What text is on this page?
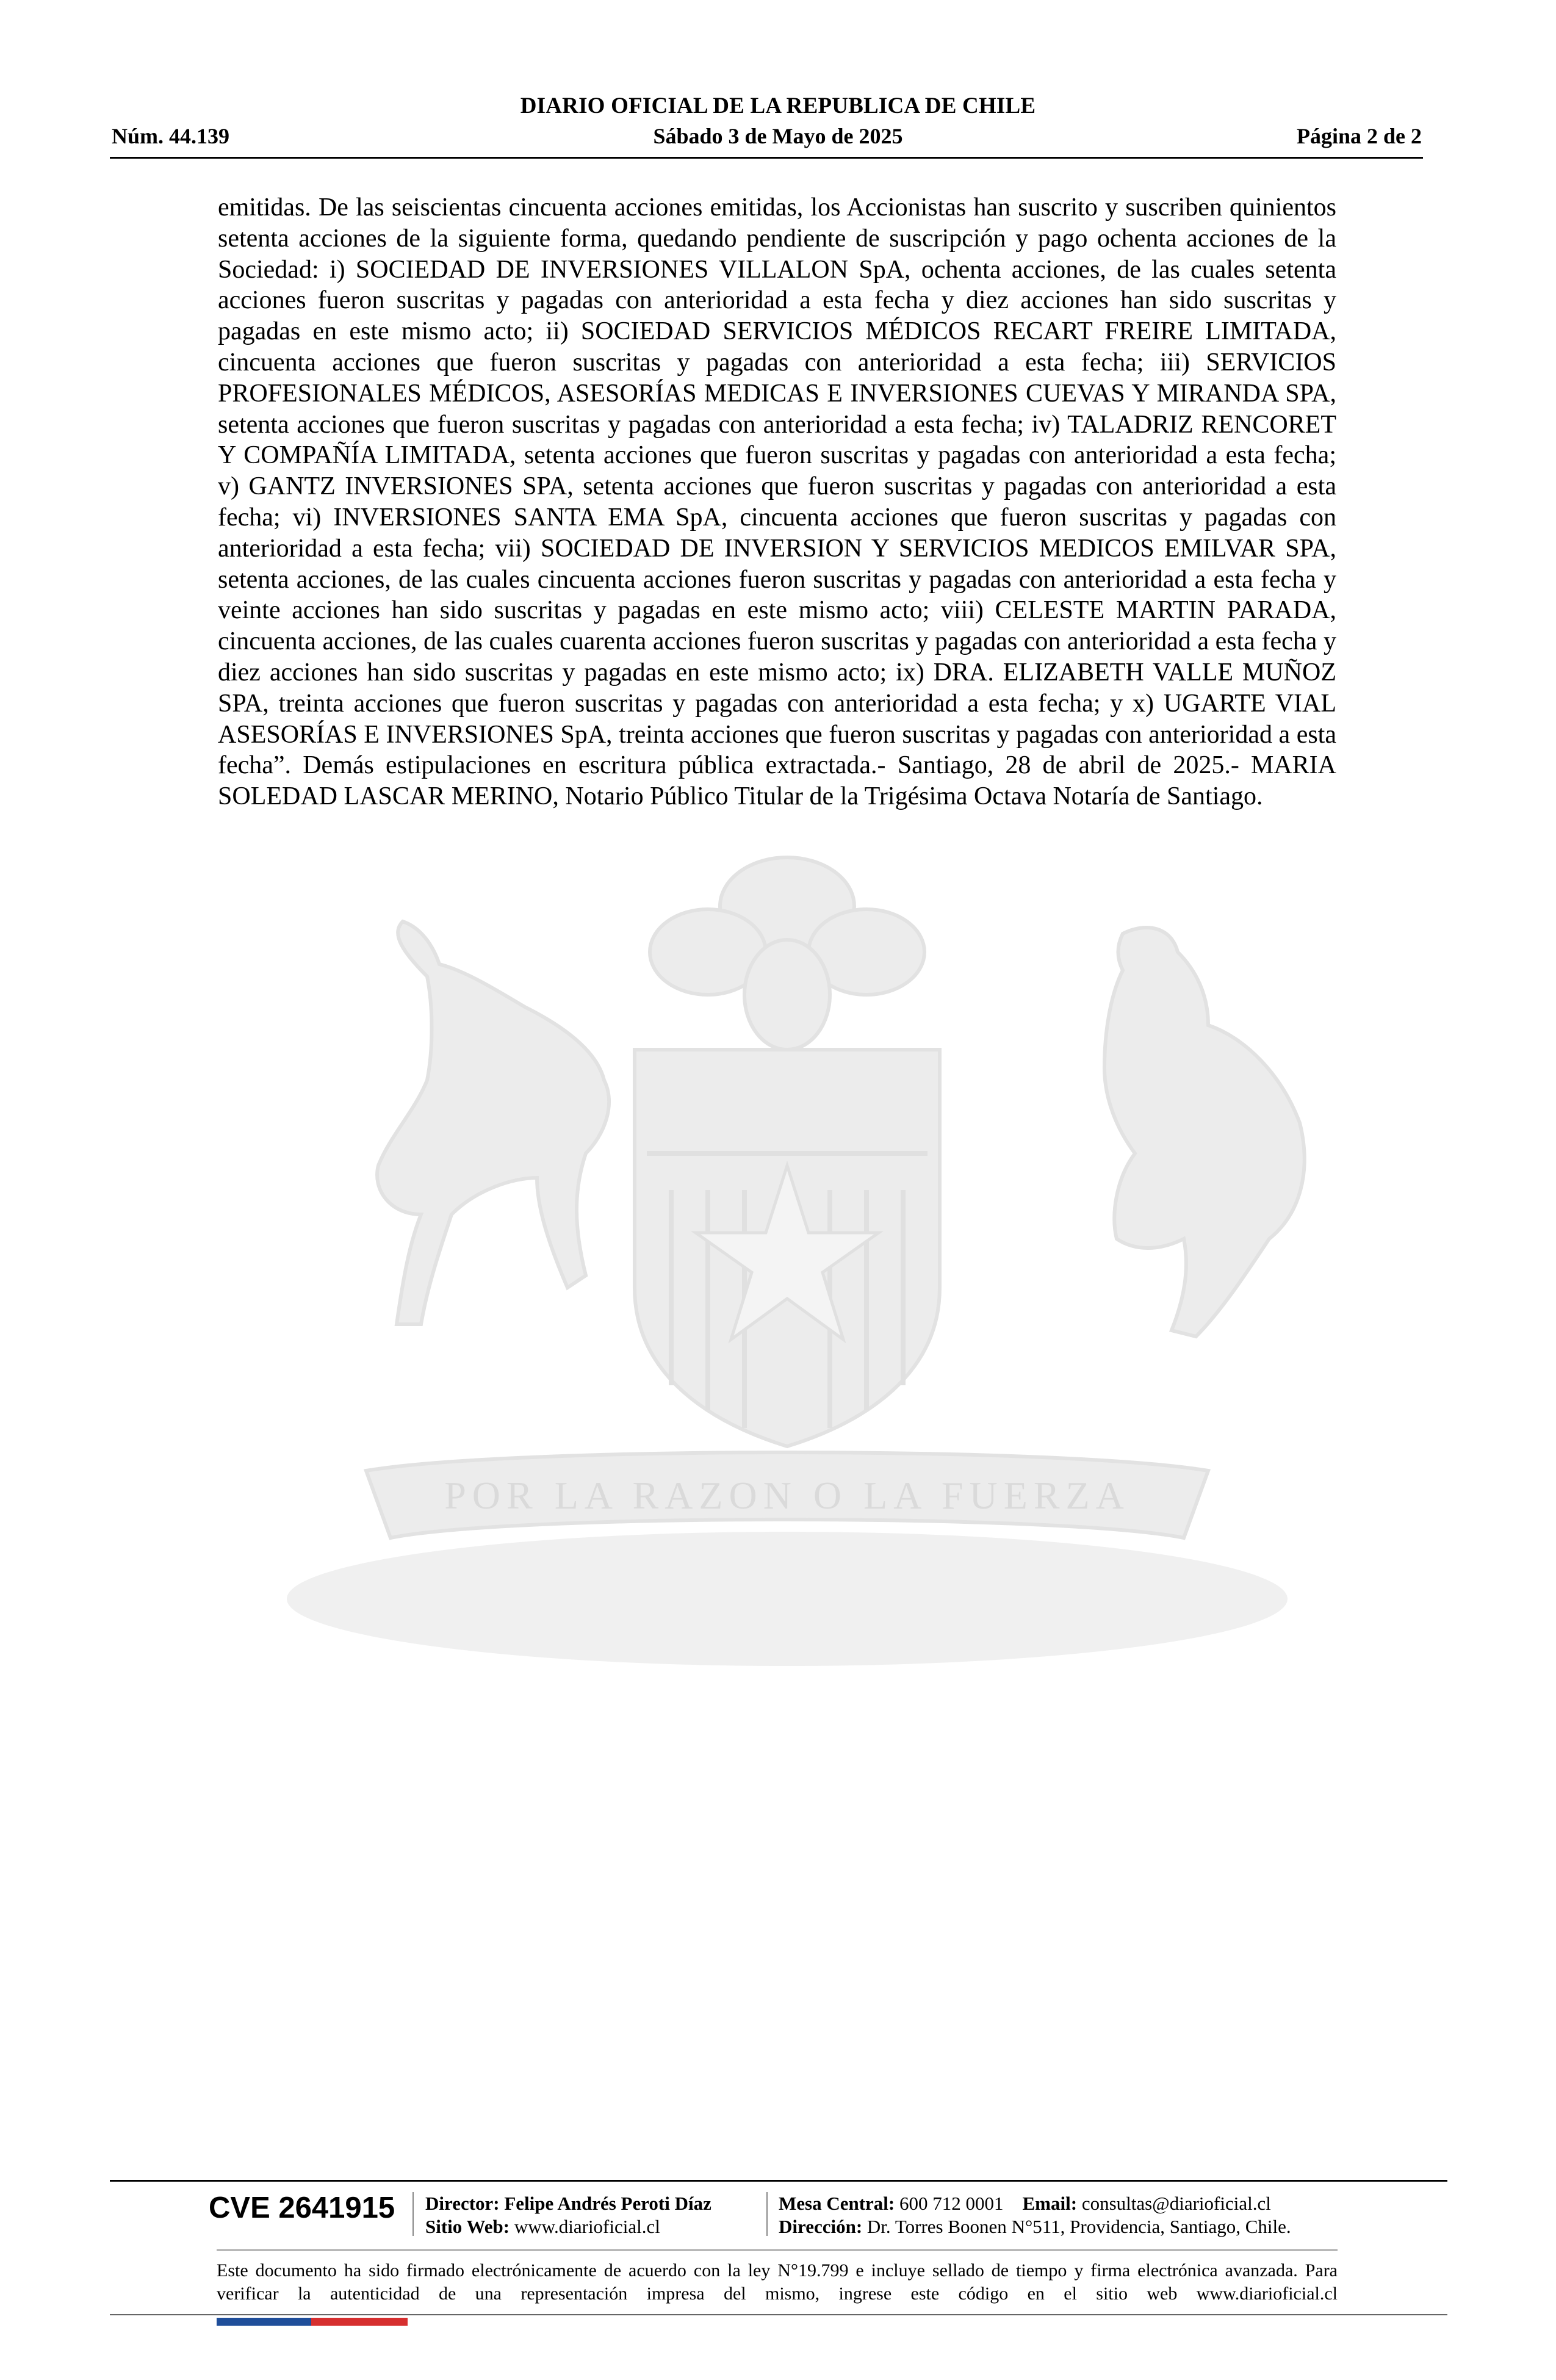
DIARIO OFICIAL DE LA REPUBLICA DE CHILE
Núm. 44.139	Sábado 3 de Mayo de 2025	Página 2 de 2
POR LA RAZON O LA FUERZA
emitidas. De las seiscientas cincuenta acciones emitidas, los Accionistas han suscrito y suscriben quinientos setenta acciones de la siguiente forma, quedando pendiente de suscripción y pago ochenta acciones de la Sociedad: i) SOCIEDAD DE INVERSIONES VILLALON SpA, ochenta acciones, de las cuales setenta acciones fueron suscritas y pagadas con anterioridad a esta fecha y diez acciones han sido suscritas y pagadas en este mismo acto; ii) SOCIEDAD SERVICIOS MÉDICOS RECART FREIRE LIMITADA, cincuenta acciones que fueron suscritas y pagadas con anterioridad a esta fecha; iii) SERVICIOS PROFESIONALES MÉDICOS, ASESORÍAS MEDICAS E INVERSIONES CUEVAS Y MIRANDA SPA, setenta acciones que fueron suscritas y pagadas con anterioridad a esta fecha; iv) TALADRIZ RENCORET Y COMPAÑÍA LIMITADA, setenta acciones que fueron suscritas y pagadas con anterioridad a esta fecha; v) GANTZ INVERSIONES SPA, setenta acciones que fueron suscritas y pagadas con anterioridad a esta fecha; vi) INVERSIONES SANTA EMA SpA, cincuenta acciones que fueron suscritas y pagadas con anterioridad a esta fecha; vii) SOCIEDAD DE INVERSION Y SERVICIOS MEDICOS EMILVAR SPA, setenta acciones, de las cuales cincuenta acciones fueron suscritas y pagadas con anterioridad a esta fecha y veinte acciones han sido suscritas y pagadas en este mismo acto; viii) CELESTE MARTIN PARADA, cincuenta acciones, de las cuales cuarenta acciones fueron suscritas y pagadas con anterioridad a esta fecha y diez acciones han sido suscritas y pagadas en este mismo acto; ix) DRA. ELIZABETH VALLE MUÑOZ SPA, treinta acciones que fueron suscritas y pagadas con anterioridad a esta fecha; y x) UGARTE VIAL ASESORÍAS E INVERSIONES SpA, treinta acciones que fueron suscritas y pagadas con anterioridad a esta fecha”. Demás estipulaciones en escritura pública extractada.- Santiago, 28 de abril de 2025.- MARIA SOLEDAD LASCAR MERINO, Notario Público Titular de la Trigésima Octava Notaría de Santiago.
CVE 2641915 Director: Felipe Andrés Peroti Díaz
Sitio Web: www.diarioficial.cl
Mesa Central: 600 712 0001 Email: consultas@diarioficial.cl
Dirección: Dr. Torres Boonen N°511, Providencia, Santiago, Chile.
Este documento ha sido firmado electrónicamente de acuerdo con la ley N°19.799 e incluye sellado de tiempo y firma electrónica avanzada. Para verificar la autenticidad de una representación impresa del mismo, ingrese este código en el sitio web www.diarioficial.cl
